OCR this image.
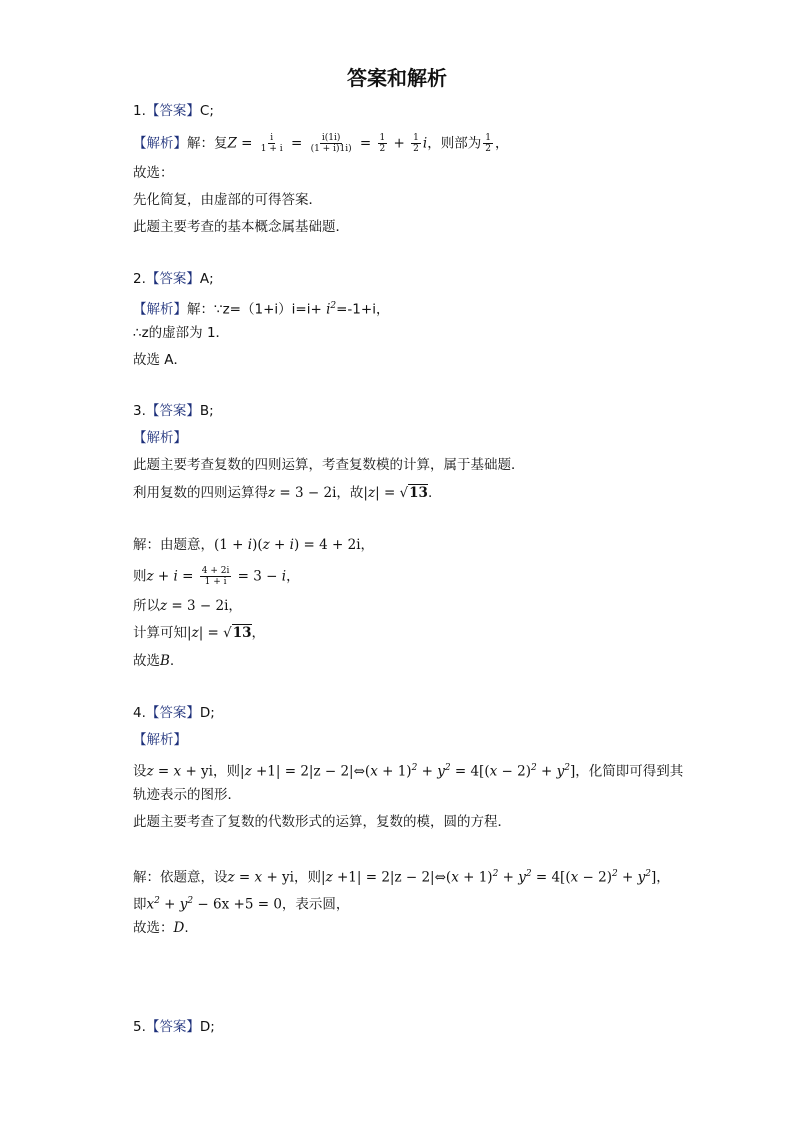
答案和解析
1.【答案】C;
【解析】解：复$Z = \frac{i}{1 + i} = \frac{i(1i)}{(1 + i)1i)} = \frac{1}{2} + \frac{1}{2}$ i，则部为 $\frac{1}{2}$ ，
故选：
先化简复，由虚部的可得答案．
此题主要考查的基本概念属基础题．
2.【答案】A;
【解析】解：∵z=（1+i）i=i+ $i^2=-1+i$，
∴z的虚部为 1．
故选 A．
3.【答案】B;
【解析】
此题主要考查复数的四则运算，考查复数模的计算，属于基础题．
利用复数的四则运算得z = 3 − 2i，故|z| = √13.
解：由题意，(1 + i)(z + i) = 4 + 2i，
则$z + i = \frac{4 + 2i}{1 + i} = 3 - i$，
所以z = 3 − 2i，
计算可知|z| = √13，
故选B.
4.【答案】D;
【解析】
设z = x + yi，则|z +1| = 2|z − 2|⇔(x + $1)^2 + y^2 = 4[(x - 2)^2 + y^2]$，化简即可得到其
轨迹表示的图形．
此题主要考查了复数的代数形式的运算，复数的模，圆的方程．
解：依题意，设z = x + yi，则|z +1| = 2|z − 2|⇔(x + $1)^2 + y^2 = 4[(x - 2)^2 + y^2]$，
即$x^2 + y^2 - 6x +5 = 0$，表示圆，
故选：D.
5.【答案】D;
